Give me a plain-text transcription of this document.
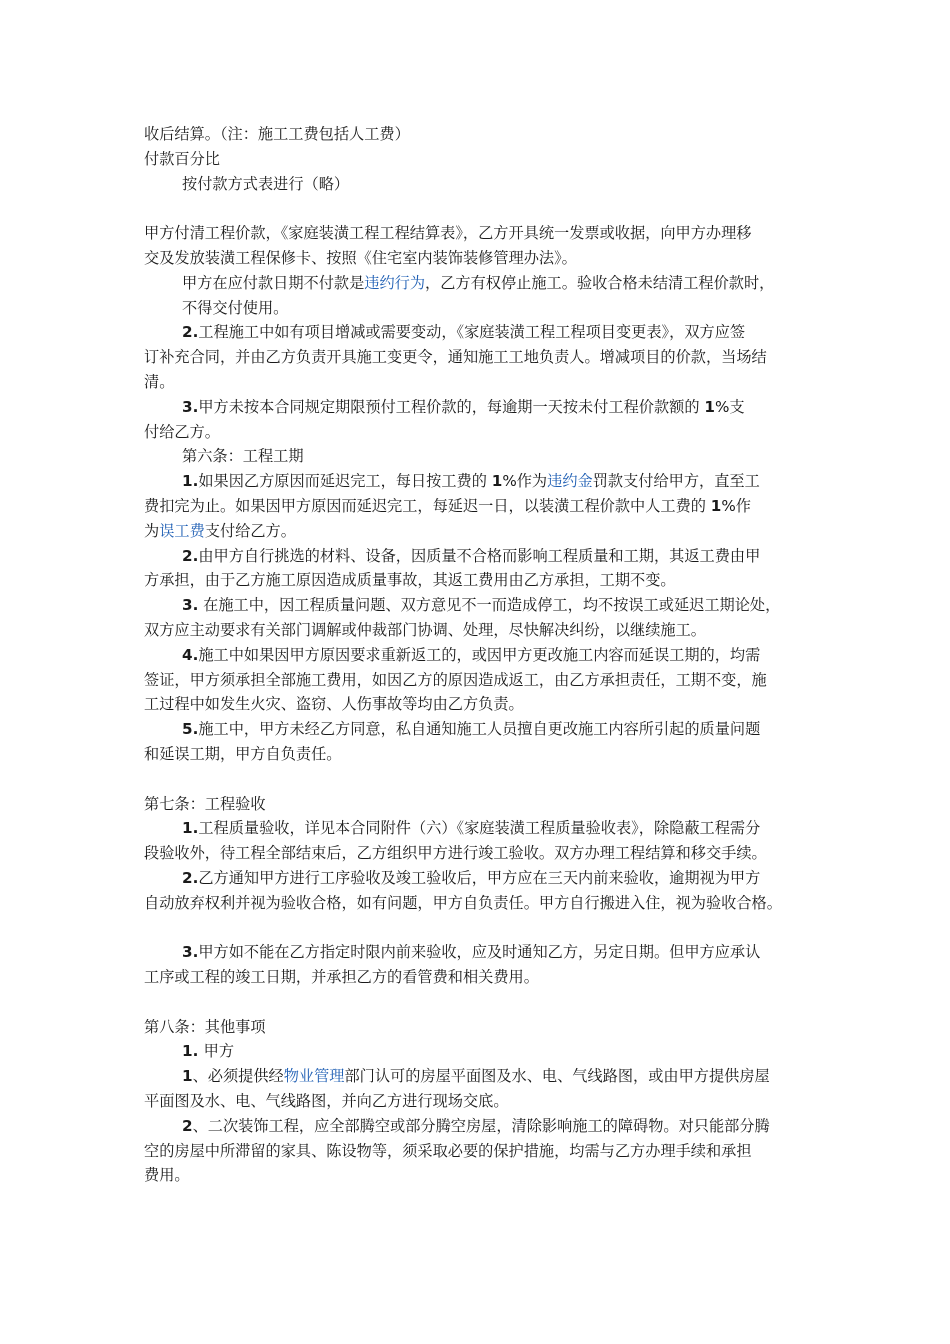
收后结算。（注：施工工费包括人工费）

付款百分比

按付款方式表进行（略）

甲方付清工程价款，《家庭装潢工程工程结算表》，乙方开具统一发票或收据，向甲方办理移

交及发放装潢工程保修卡、按照《住宅室内装饰装修管理办法》。

甲方在应付款日期不付款是违约行为，乙方有权停止施工。验收合格未结清工程价款时，

不得交付使用。

2.工程施工中如有项目增减或需要变动，《家庭装潢工程工程项目变更表》，双方应签

订补充合同，并由乙方负责开具施工变更令，通知施工工地负责人。增减项目的价款，当场结

清。

3.甲方未按本合同规定期限预付工程价款的，每逾期一天按未付工程价款额的 1%支

付给乙方。

第六条：工程工期

1.如果因乙方原因而延迟完工，每日按工费的 1%作为违约金罚款支付给甲方，直至工

费扣完为止。如果因甲方原因而延迟完工，每延迟一日，以装潢工程价款中人工费的 1%作

为误工费支付给乙方。

2.由甲方自行挑选的材料、设备，因质量不合格而影响工程质量和工期，其返工费由甲

方承担，由于乙方施工原因造成质量事故，其返工费用由乙方承担，工期不变。

3. 在施工中，因工程质量问题、双方意见不一而造成停工，均不按误工或延迟工期论处，

双方应主动要求有关部门调解或仲裁部门协调、处理，尽快解决纠纷，以继续施工。

4.施工中如果因甲方原因要求重新返工的，或因甲方更改施工内容而延误工期的，均需

签证，甲方须承担全部施工费用，如因乙方的原因造成返工，由乙方承担责任，工期不变，施

工过程中如发生火灾、盗窃、人伤事故等均由乙方负责。

5.施工中，甲方未经乙方同意，私自通知施工人员擅自更改施工内容所引起的质量问题

和延误工期，甲方自负责任。

第七条：工程验收

1.工程质量验收，详见本合同附件（六）《家庭装潢工程质量验收表》，除隐蔽工程需分

段验收外，待工程全部结束后，乙方组织甲方进行竣工验收。双方办理工程结算和移交手续。

2.乙方通知甲方进行工序验收及竣工验收后，甲方应在三天内前来验收，逾期视为甲方

自动放弃权利并视为验收合格，如有问题，甲方自负责任。甲方自行搬进入住，视为验收合格。

3.甲方如不能在乙方指定时限内前来验收，应及时通知乙方，另定日期。但甲方应承认

工序或工程的竣工日期，并承担乙方的看管费和相关费用。

第八条：其他事项

1. 甲方

1、必须提供经物业管理部门认可的房屋平面图及水、电、气线路图，或由甲方提供房屋

平面图及水、电、气线路图，并向乙方进行现场交底。

2、二次装饰工程，应全部腾空或部分腾空房屋，清除影响施工的障碍物。对只能部分腾

空的房屋中所滞留的家具、陈设物等，须采取必要的保护措施，均需与乙方办理手续和承担

费用。
